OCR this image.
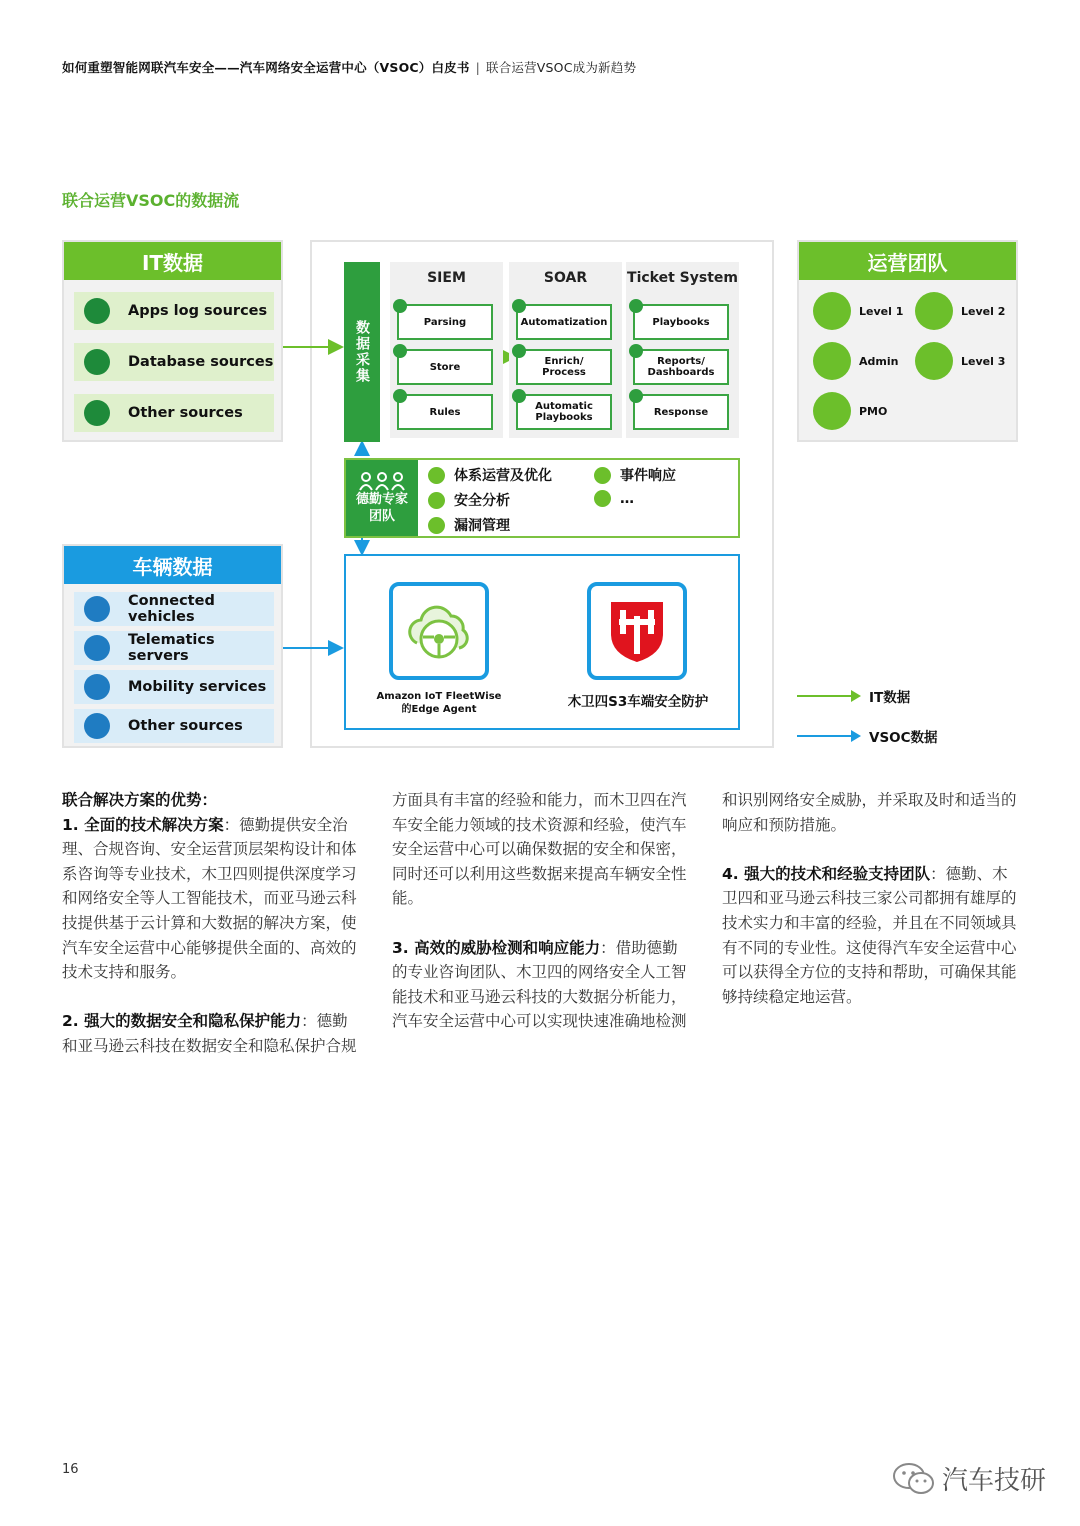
如何重塑智能网联汽车安全——汽车网络安全运营中心（VSOC）白皮书 | 联合运营VSOC成为新趋势
联合运营VSOC的数据流
IT数据
Apps log sources
Database sources
Other sources
车辆数据
Connected vehicles
Telematics servers
Mobility services
Other sources
数据采集
SIEM
Parsing
Store
Rules
SOAR
Automatization
Enrich/
Process
Automatic
Playbooks
Ticket System
Playbooks
Reports/
Dashboards
Response
德勤专家
团队
体系运营及优化
安全分析
漏洞管理
事件响应
…
Amazon IoT FleetWise
的Edge Agent	木卫四S3车端安全防护
运营团队
Level 1	Level 2
Admin	Level 3
PMO
IT数据
VSOC数据

联合解决方案的优势：

1. 全面的技术解决方案：德勤提供安全治理、合规咨询、安全运营顶层架构设计和体系咨询等专业技术，木卫四则提供深度学习和网络安全等人工智能技术，而亚马逊云科技提供基于云计算和大数据的解决方案，使汽车安全运营中心能够提供全面的、高效的技术支持和服务。

2. 强大的数据安全和隐私保护能力：德勤和亚马逊云科技在数据安全和隐私保护合规方面具有丰富的经验和能力，而木卫四在汽车安全能力领域的技术资源和经验，使汽车安全运营中心可以确保数据的安全和保密，同时还可以利用这些数据来提高车辆安全性能。

3. 高效的威胁检测和响应能力：借助德勤的专业咨询团队、木卫四的网络安全人工智能技术和亚马逊云科技的大数据分析能力，汽车安全运营中心可以实现快速准确地检测和识别网络安全威胁，并采取及时和适当的响应和预防措施。

4. 强大的技术和经验支持团队：德勤、木卫四和亚马逊云科技三家公司都拥有雄厚的技术实力和丰富的经验，并且在不同领域具有不同的专业性。这使得汽车安全运营中心可以获得全方位的支持和帮助，可确保其能够持续稳定地运营。

16	汽车技研
